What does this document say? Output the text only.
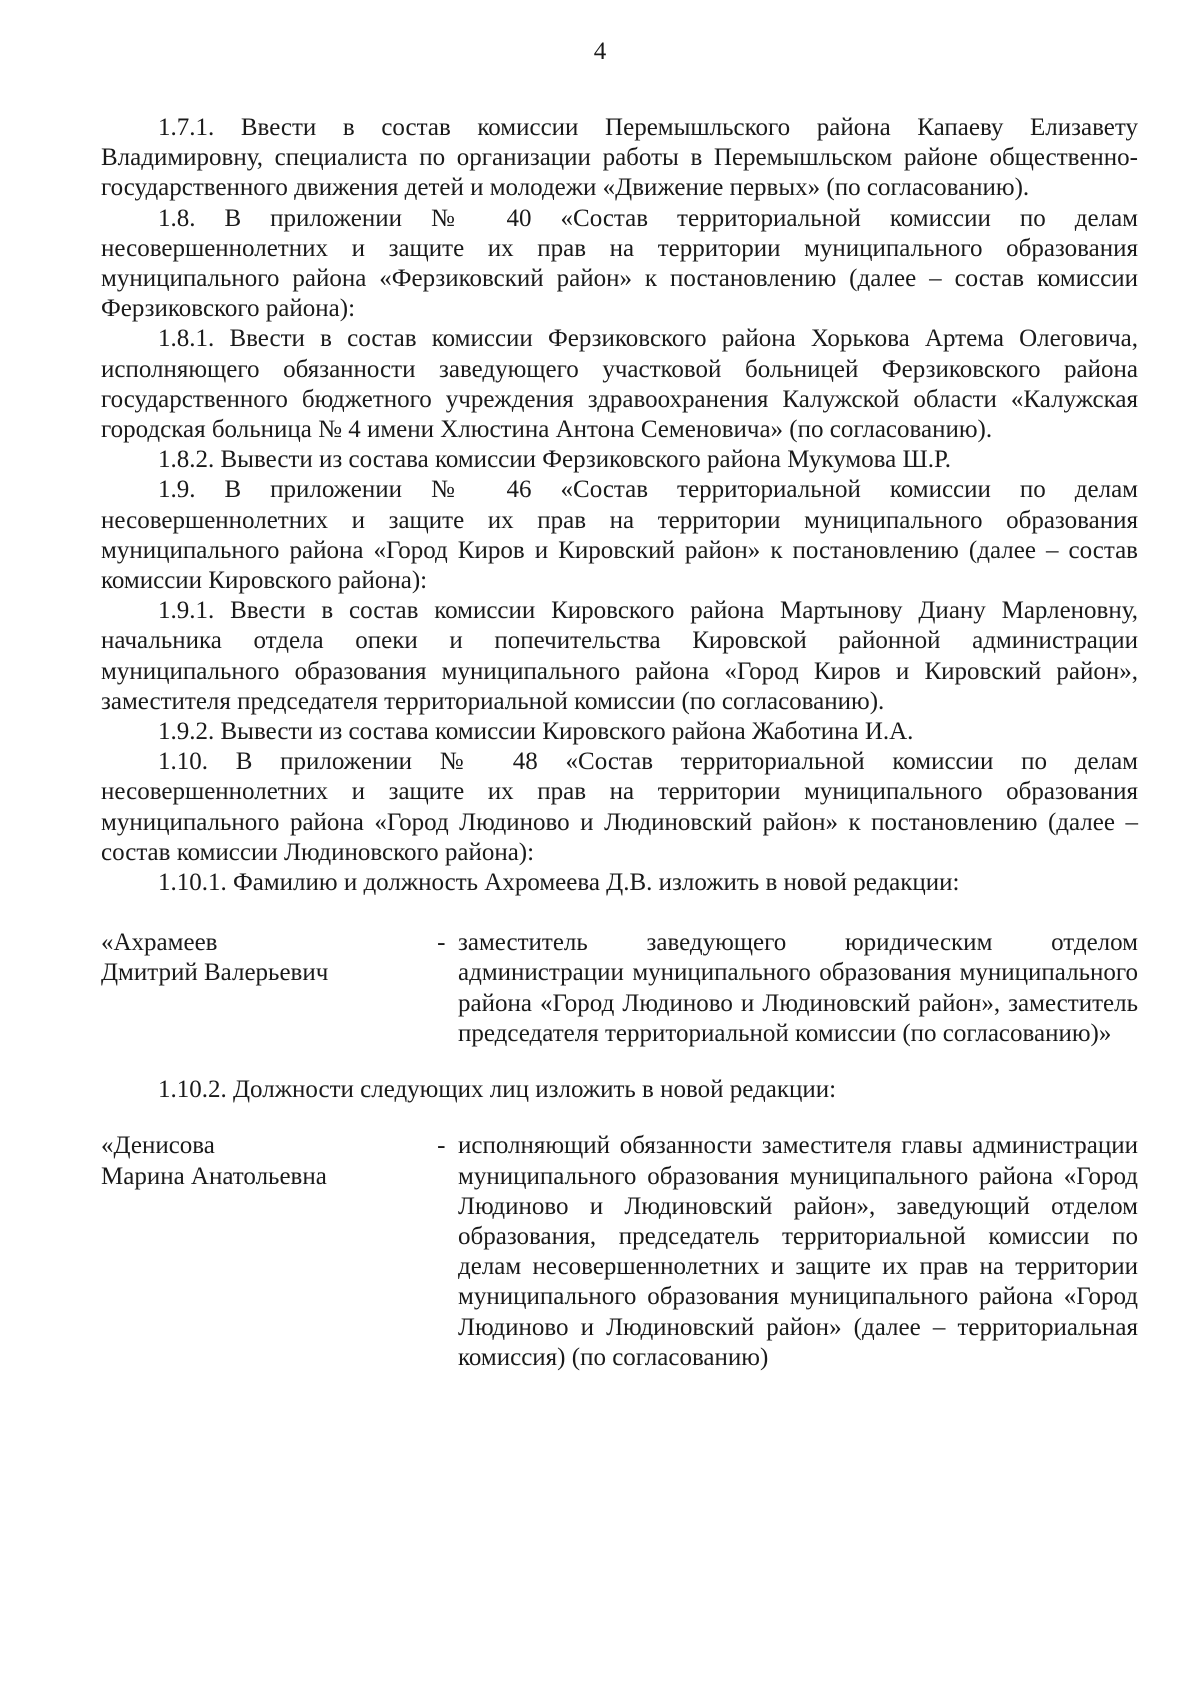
4

1.7.1. Ввести в состав комиссии Перемышльского района Капаеву Елизавету Владимировну, специалиста по организации работы в Перемышльском районе общественно-государственного движения детей и молодежи «Движение первых» (по согласованию).

1.8. В приложении № 40 «Состав территориальной комиссии по делам несовершеннолетних и защите их прав на территории муниципального образования муниципального района «Ферзиковский район» к постановлению (далее – состав комиссии Ферзиковского района):

1.8.1. Ввести в состав комиссии Ферзиковского района Хорькова Артема Олеговича, исполняющего обязанности заведующего участковой больницей Ферзиковского района государственного бюджетного учреждения здравоохранения Калужской области «Калужская городская больница № 4 имени Хлюстина Антона Семеновича» (по согласованию).

1.8.2. Вывести из состава комиссии Ферзиковского района Мукумова Ш.Р.

1.9. В приложении № 46 «Состав территориальной комиссии по делам несовершеннолетних и защите их прав на территории муниципального образования муниципального района «Город Киров и Кировский район» к постановлению (далее – состав комиссии Кировского района):

1.9.1. Ввести в состав комиссии Кировского района Мартынову Диану Марленовну, начальника отдела опеки и попечительства Кировской районной администрации муниципального образования муниципального района «Город Киров и Кировский район», заместителя председателя территориальной комиссии (по согласованию).

1.9.2. Вывести из состава комиссии Кировского района Жаботина И.А.

1.10. В приложении № 48 «Состав территориальной комиссии по делам несовершеннолетних и защите их прав на территории муниципального образования муниципального района «Город Людиново и Людиновский район» к постановлению (далее – состав комиссии Людиновского района):

1.10.1. Фамилию и должность Ахромеева Д.В. изложить в новой редакции:

«Ахрамеев
Дмитрий Валерьевич
- заместитель заведующего юридическим отделом администрации муниципального образования муниципального района «Город Людиново и Людиновский район», заместитель председателя территориальной комиссии (по согласованию)»

1.10.2. Должности следующих лиц изложить в новой редакции:

«Денисова
Марина Анатольевна
- исполняющий обязанности заместителя главы администрации муниципального образования муниципального района «Город Людиново и Людиновский район», заведующий отделом образования, председатель территориальной комиссии по делам несовершеннолетних и защите их прав на территории муниципального образования муниципального района «Город Людиново и Людиновский район» (далее – территориальная комиссия) (по согласованию)
